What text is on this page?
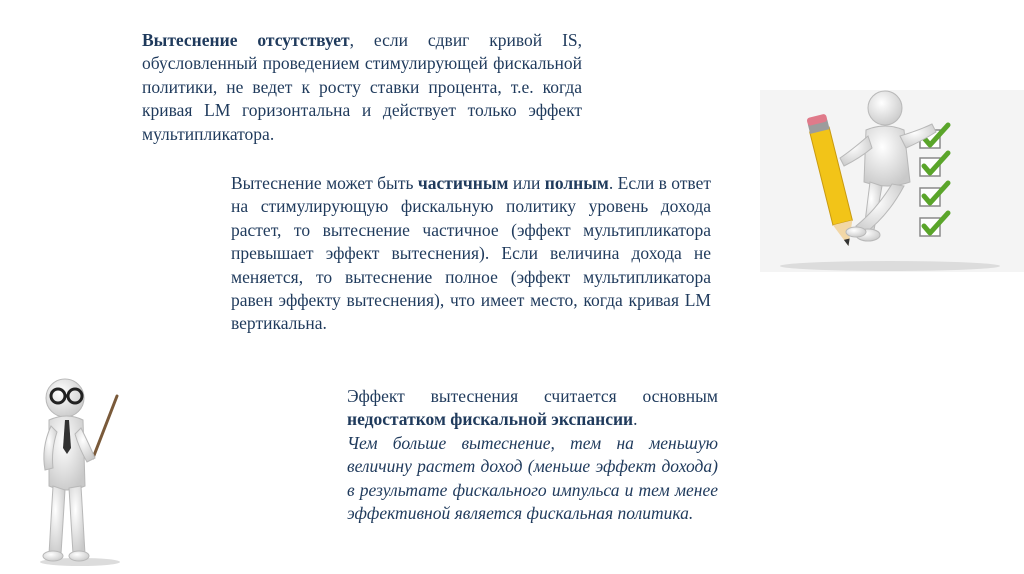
Вытеснение отсутствует, если сдвиг кривой IS, обусловленный проведением стимулирующей фискальной политики, не ведет к росту ставки процента, т.е. когда кривая LM горизонтальна и действует только эффект мультипликатора.

Вытеснение может быть частичным или полным. Если в ответ на стимулирующую фискальную политику уровень дохода растет, то вытеснение частичное (эффект мультипликатора превышает эффект вытеснения). Если величина дохода не меняется, то вытеснение полное (эффект мультипликатора равен эффекту вытеснения), что имеет место, когда кривая LM вертикальна.

Эффект вытеснения считается основным недостатком фискальной экспансии.
Чем больше вытеснение, тем на меньшую величину растет доход (меньше эффект дохода) в результате фискального импульса и тем менее эффективной является фискальная политика.
